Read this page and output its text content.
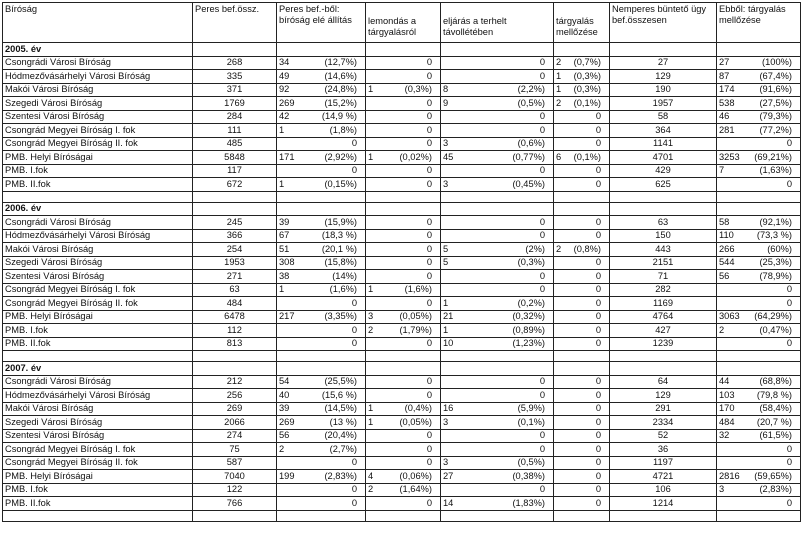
Bíróság	Peres bef.össz.	Peres bef.-ből: bíróság elé állítás	lemondás a tárgyalásról	eljárás a terhelt távollétében	tárgyalás mellőzése	Nemperes büntető ügy bef.összesen	Ebből: tárgyalás mellőzése
2005. év							
Csongrádi Városi Bíróság	268	34 (12,7%)	0	0	2 (0,7%)	27	27 (100%)

Hódmezővásárhelyi Városi Bíróság	335	49 (14,6%)	0	0	1 (0,3%)	129	87 (67,4%)

Makói Városi Bíróság	371	92 (24,8%)	1 (0,3%)	8 (2,2%)	1 (0,3%)	190	174 (91,6%)

Szegedi Városi Bíróság	1769	269 (15,2%)	0	9 (0,5%)	2 (0,1%)	1957	538 (27,5%)

Szentesi Városi Bíróság	284	42 (14,9 %)	0	0	0	58	46 (79,3%)

Csongrád Megyei Bíróság I. fok	111	1 (1,8%)	0	0	0	364	281 (77,2%)

Csongrád Megyei Bíróság II. fok	485	0	0	3 (0,6%)	0	1141	0

PMB. Helyi Bíróságai	5848	171 (2,92%)	1 (0,02%)	45 (0,77%)	6 (0,1%)	4701	3253 (69,21%)

PMB. I.fok	117	0	0	0	0	429	7 (1,63%)

PMB. II.fok	672	1 (0,15%)	0	3 (0,45%)	0	625	0

2006. év							
Csongrádi Városi Bíróság	245	39 (15,9%)	0	0	0	63	58 (92,1%)

Hódmezővásárhelyi Városi Bíróság	366	67 (18,3 %)	0	0	0	150	110 (73,3 %)

Makói Városi Bíróság	254	51 (20,1 %)	0	5 (2%)	2 (0,8%)	443	266 (60%)

Szegedi Városi Bíróság	1953	308 (15,8%)	0	5 (0,3%)	0	2151	544 (25,3%)

Szentesi Városi Bíróság	271	38 (14%)	0	0	0	71	56 (78,9%)

Csongrád Megyei Bíróság I. fok	63	1 (1,6%)	1 (1,6%)	0	0	282	0

Csongrád Megyei Bíróság II. fok	484	0	0	1 (0,2%)	0	1169	0

PMB. Helyi Bíróságai	6478	217 (3,35%)	3 (0,05%)	21 (0,32%)	0	4764	3063 (64,29%)

PMB. I.fok	112	0	2 (1,79%)	1 (0,89%)	0	427	2 (0,47%)

PMB. II.fok	813	0	0	10 (1,23%)	0	1239	0

2007. év							
Csongrádi Városi Bíróság	212	54 (25,5%)	0	0	0	64	44 (68,8%)

Hódmezővásárhelyi Városi Bíróság	256	40 (15,6 %)	0	0	0	129	103 (79,8 %)

Makói Városi Bíróság	269	39 (14,5%)	1 (0,4%)	16 (5,9%)	0	291	170 (58,4%)

Szegedi Városi Bíróság	2066	269 (13 %)	1 (0,05%)	3 (0,1%)	0	2334	484 (20,7 %)

Szentesi Városi Bíróság	274	56 (20,4%)	0	0	0	52	32 (61,5%)

Csongrád Megyei Bíróság I. fok	75	2 (2,7%)	0	0	0	36	0

Csongrád Megyei Bíróság II. fok	587	0	0	3 (0,5%)	0	1197	0

PMB. Helyi Bíróságai	7040	199 (2,83%)	4 (0,06%)	27 (0,38%)	0	4721	2816 (59,65%)

PMB. I.fok	122	0	2 (1,64%)	0	0	106	3 (2,83%)

PMB. II.fok	766	0	0	14 (1,83%)	0	1214	0
